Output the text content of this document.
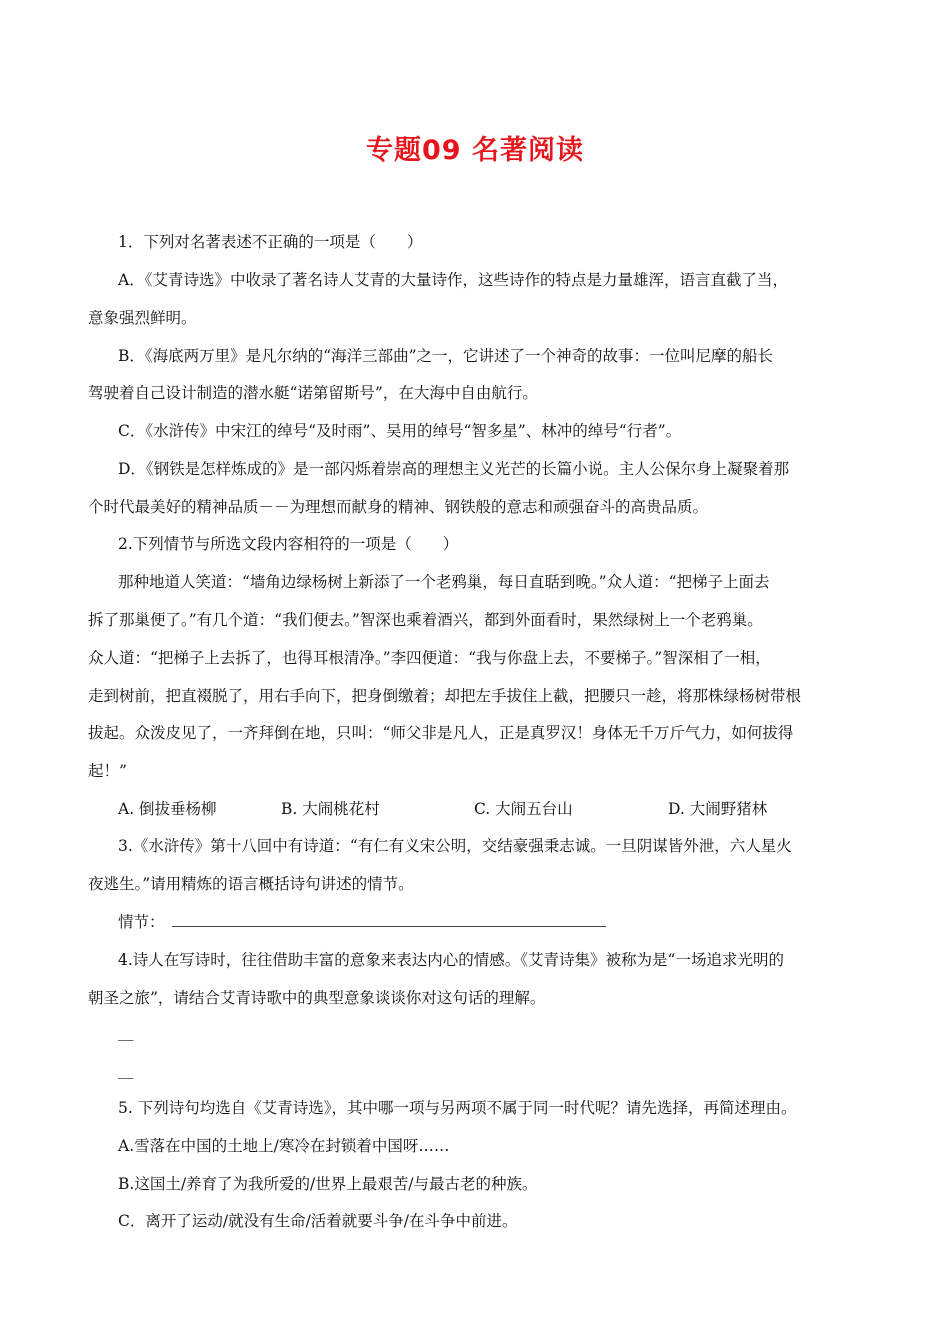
专题09 名著阅读
1．下列对名著表述不正确的一项是（　　）
A．《艾青诗选》中收录了著名诗人艾青的大量诗作，这些诗作的特点是力量雄浑，语言直截了当，
意象强烈鲜明。
B．《海底两万里》是凡尔纳的“海洋三部曲”之一，它讲述了一个神奇的故事：一位叫尼摩的船长
驾驶着自己设计制造的潜水艇“诺第留斯号”，在大海中自由航行。
C．《水浒传》中宋江的绰号“及时雨”、吴用的绰号“智多星”、林冲的绰号“行者”。
D．《钢铁是怎样炼成的》是一部闪烁着崇高的理想主义光芒的长篇小说。主人公保尔身上凝聚着那
个时代最美好的精神品质－－为理想而献身的精神、钢铁般的意志和顽强奋斗的高贵品质。
2.下列情节与所选文段内容相符的一项是（　　）
那种地道人笑道：“墙角边绿杨树上新添了一个老鸦巢，每日直聒到晚。”众人道：“把梯子上面去
拆了那巢便了。”有几个道：“我们便去。”智深也乘着酒兴，都到外面看时，果然绿树上一个老鸦巢。
众人道：“把梯子上去拆了，也得耳根清净。”李四便道：“我与你盘上去，不要梯子。”智深相了一相，
走到树前，把直裰脱了，用右手向下，把身倒缴着；却把左手拔住上截，把腰只一趁，将那株绿杨树带根
拔起。众泼皮见了，一齐拜倒在地，只叫：“师父非是凡人，正是真罗汉！身体无千万斤气力，如何拔得
起！”
A. 倒拔垂杨柳	B. 大闹桃花村	C. 大闹五台山	D. 大闹野猪林
3.《水浒传》第十八回中有诗道：“有仁有义宋公明，交结豪强秉志诚。一旦阴谋皆外泄，六人星火
夜逃生。”请用精炼的语言概括诗句讲述的情节。
情节：
4.诗人在写诗时，往往借助丰富的意象来表达内心的情感。《艾青诗集》被称为是“一场追求光明的
朝圣之旅”，请结合艾青诗歌中的典型意象谈谈你对这句话的理解。
__
__
5. 下列诗句均选自《艾青诗选》，其中哪一项与另两项不属于同一时代呢？请先选择，再简述理由。
A.雪落在中国的土地上/寒冷在封锁着中国呀……
B.这国土/养育了为我所爱的/世界上最艰苦/与最古老的种族。
C．离开了运动/就没有生命/活着就要斗争/在斗争中前进。
